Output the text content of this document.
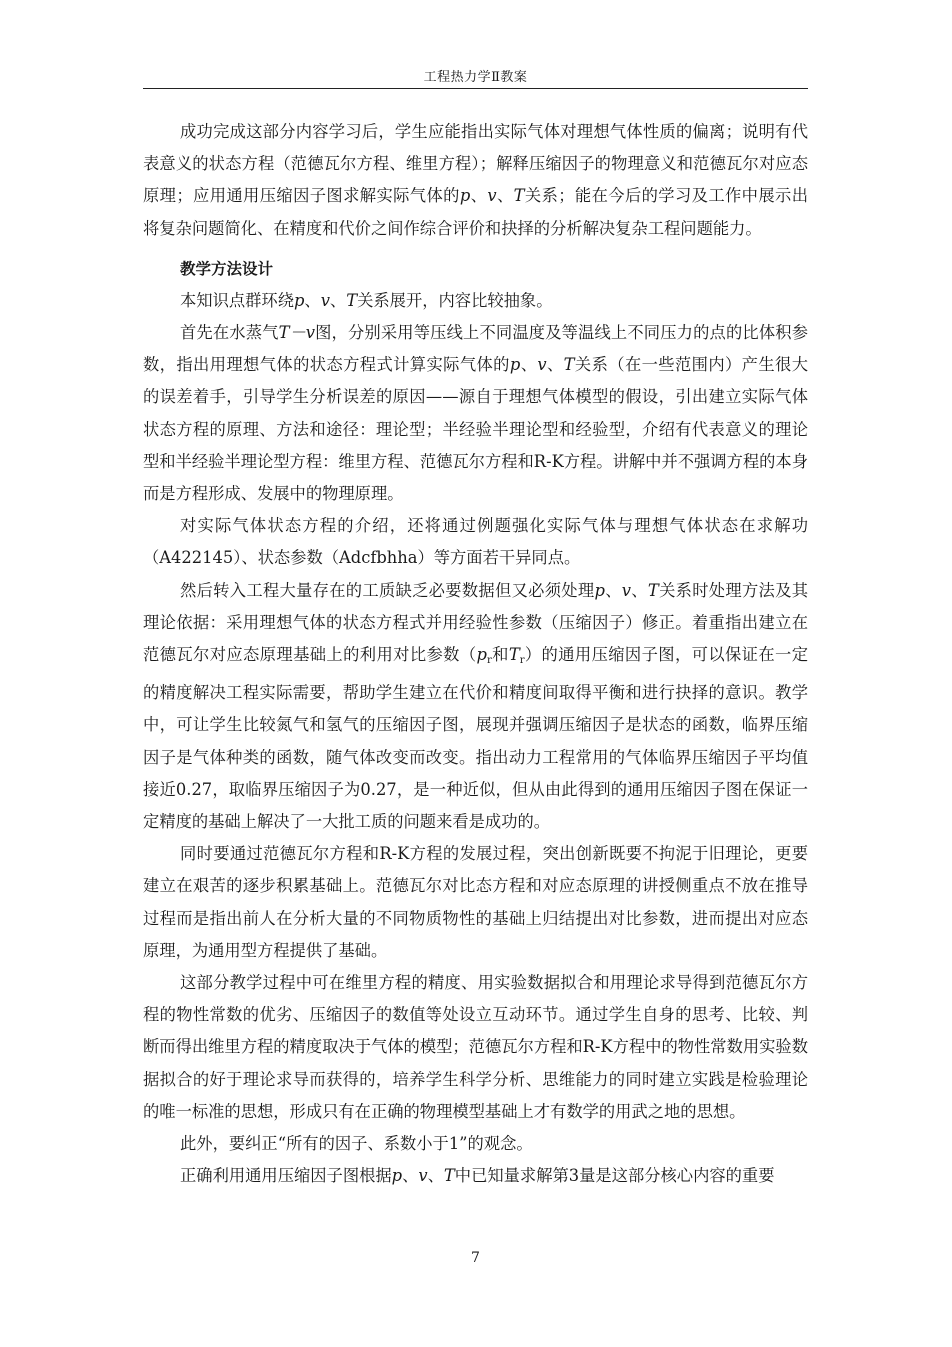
工程热力学Ⅱ教案

成功完成这部分内容学习后，学生应能指出实际气体对理想气体性质的偏离；说明有代表意义的状态方程（范德瓦尔方程、维里方程）；解释压缩因子的物理意义和范德瓦尔对应态原理；应用通用压缩因子图求解实际气体的p、v、T关系；能在今后的学习及工作中展示出将复杂问题简化、在精度和代价之间作综合评价和抉择的分析解决复杂工程问题能力。

教学方法设计

本知识点群环绕p、v、T关系展开，内容比较抽象。

首先在水蒸气T－v图，分别采用等压线上不同温度及等温线上不同压力的点的比体积参数，指出用理想气体的状态方程式计算实际气体的p、v、T关系（在一些范围内）产生很大的误差着手，引导学生分析误差的原因——源自于理想气体模型的假设，引出建立实际气体状态方程的原理、方法和途径：理论型；半经验半理论型和经验型，介绍有代表意义的理论型和半经验半理论型方程：维里方程、范德瓦尔方程和R-K方程。讲解中并不强调方程的本身而是方程形成、发展中的物理原理。

对实际气体状态方程的介绍，还将通过例题强化实际气体与理想气体状态在求解功（A422145）、状态参数（Adcfbhha）等方面若干异同点。

然后转入工程大量存在的工质缺乏必要数据但又必须处理p、v、T关系时处理方法及其理论依据：采用理想气体的状态方程式并用经验性参数（压缩因子）修正。着重指出建立在范德瓦尔对应态原理基础上的利用对比参数（$p_r$和$T_r$）的通用压缩因子图，可以保证在一定的精度解决工程实际需要，帮助学生建立在代价和精度间取得平衡和进行抉择的意识。教学中，可让学生比较氮气和氢气的压缩因子图，展现并强调压缩因子是状态的函数，临界压缩因子是气体种类的函数，随气体改变而改变。指出动力工程常用的气体临界压缩因子平均值接近0.27，取临界压缩因子为0.27，是一种近似，但从由此得到的通用压缩因子图在保证一定精度的基础上解决了一大批工质的问题来看是成功的。

同时要通过范德瓦尔方程和R-K方程的发展过程，突出创新既要不拘泥于旧理论，更要建立在艰苦的逐步积累基础上。范德瓦尔对比态方程和对应态原理的讲授侧重点不放在推导过程而是指出前人在分析大量的不同物质物性的基础上归结提出对比参数，进而提出对应态原理，为通用型方程提供了基础。

这部分教学过程中可在维里方程的精度、用实验数据拟合和用理论求导得到范德瓦尔方程的物性常数的优劣、压缩因子的数值等处设立互动环节。通过学生自身的思考、比较、判断而得出维里方程的精度取决于气体的模型；范德瓦尔方程和R-K方程中的物性常数用实验数据拟合的好于理论求导而获得的，培养学生科学分析、思维能力的同时建立实践是检验理论的唯一标准的思想，形成只有在正确的物理模型基础上才有数学的用武之地的思想。

此外，要纠正“所有的因子、系数小于1”的观念。

正确利用通用压缩因子图根据p、v、T中已知量求解第3量是这部分核心内容的重要

7
